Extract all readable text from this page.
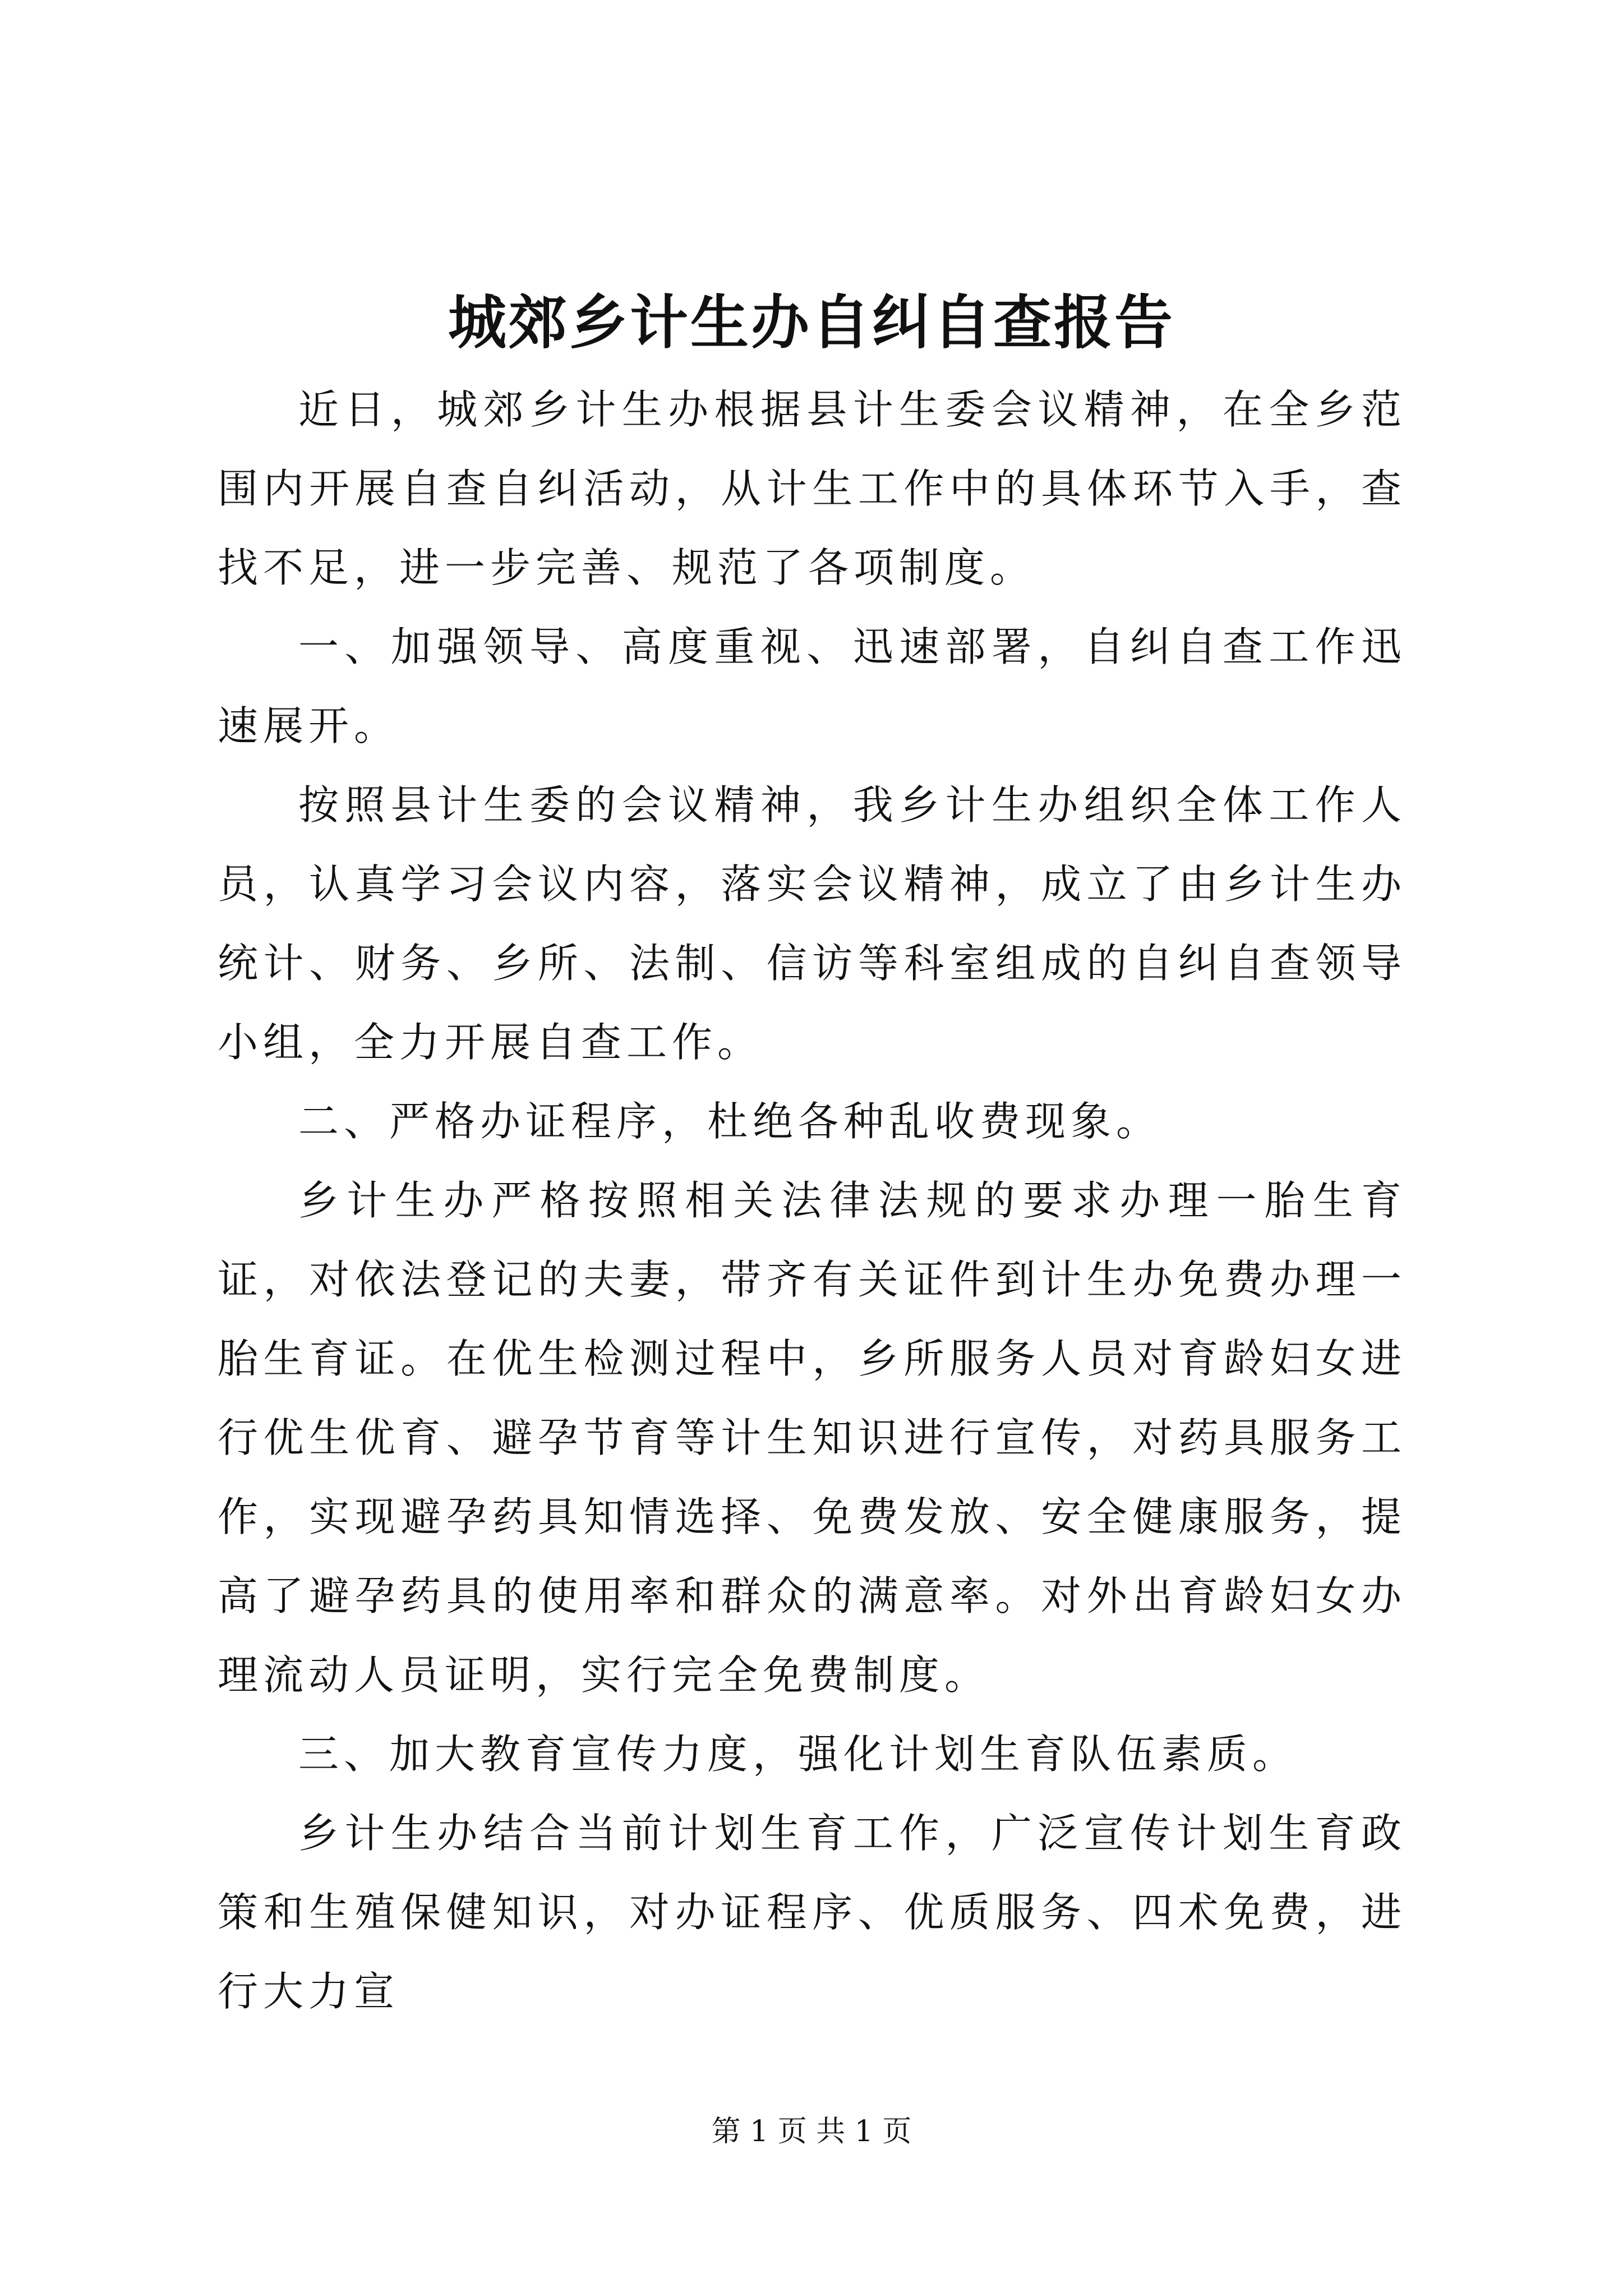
城郊乡计生办自纠自查报告

近日，城郊乡计生办根据县计生委会议精神，在全乡范围内开展自查自纠活动，从计生工作中的具体环节入手，查找不足，进一步完善、规范了各项制度。

一、加强领导、高度重视、迅速部署，自纠自查工作迅速展开。

按照县计生委的会议精神，我乡计生办组织全体工作人员，认真学习会议内容，落实会议精神，成立了由乡计生办统计、财务、乡所、法制、信访等科室组成的自纠自查领导小组，全力开展自查工作。

二、严格办证程序，杜绝各种乱收费现象。

乡计生办严格按照相关法律法规的要求办理一胎生育证，对依法登记的夫妻，带齐有关证件到计生办免费办理一胎生育证。在优生检测过程中，乡所服务人员对育龄妇女进行优生优育、避孕节育等计生知识进行宣传，对药具服务工作，实现避孕药具知情选择、免费发放、安全健康服务，提高了避孕药具的使用率和群众的满意率。对外出育龄妇女办理流动人员证明，实行完全免费制度。

三、加大教育宣传力度，强化计划生育队伍素质。

乡计生办结合当前计划生育工作，广泛宣传计划生育政策和生殖保健知识，对办证程序、优质服务、四术免费，进行大力宣

第 1 页 共 1 页
